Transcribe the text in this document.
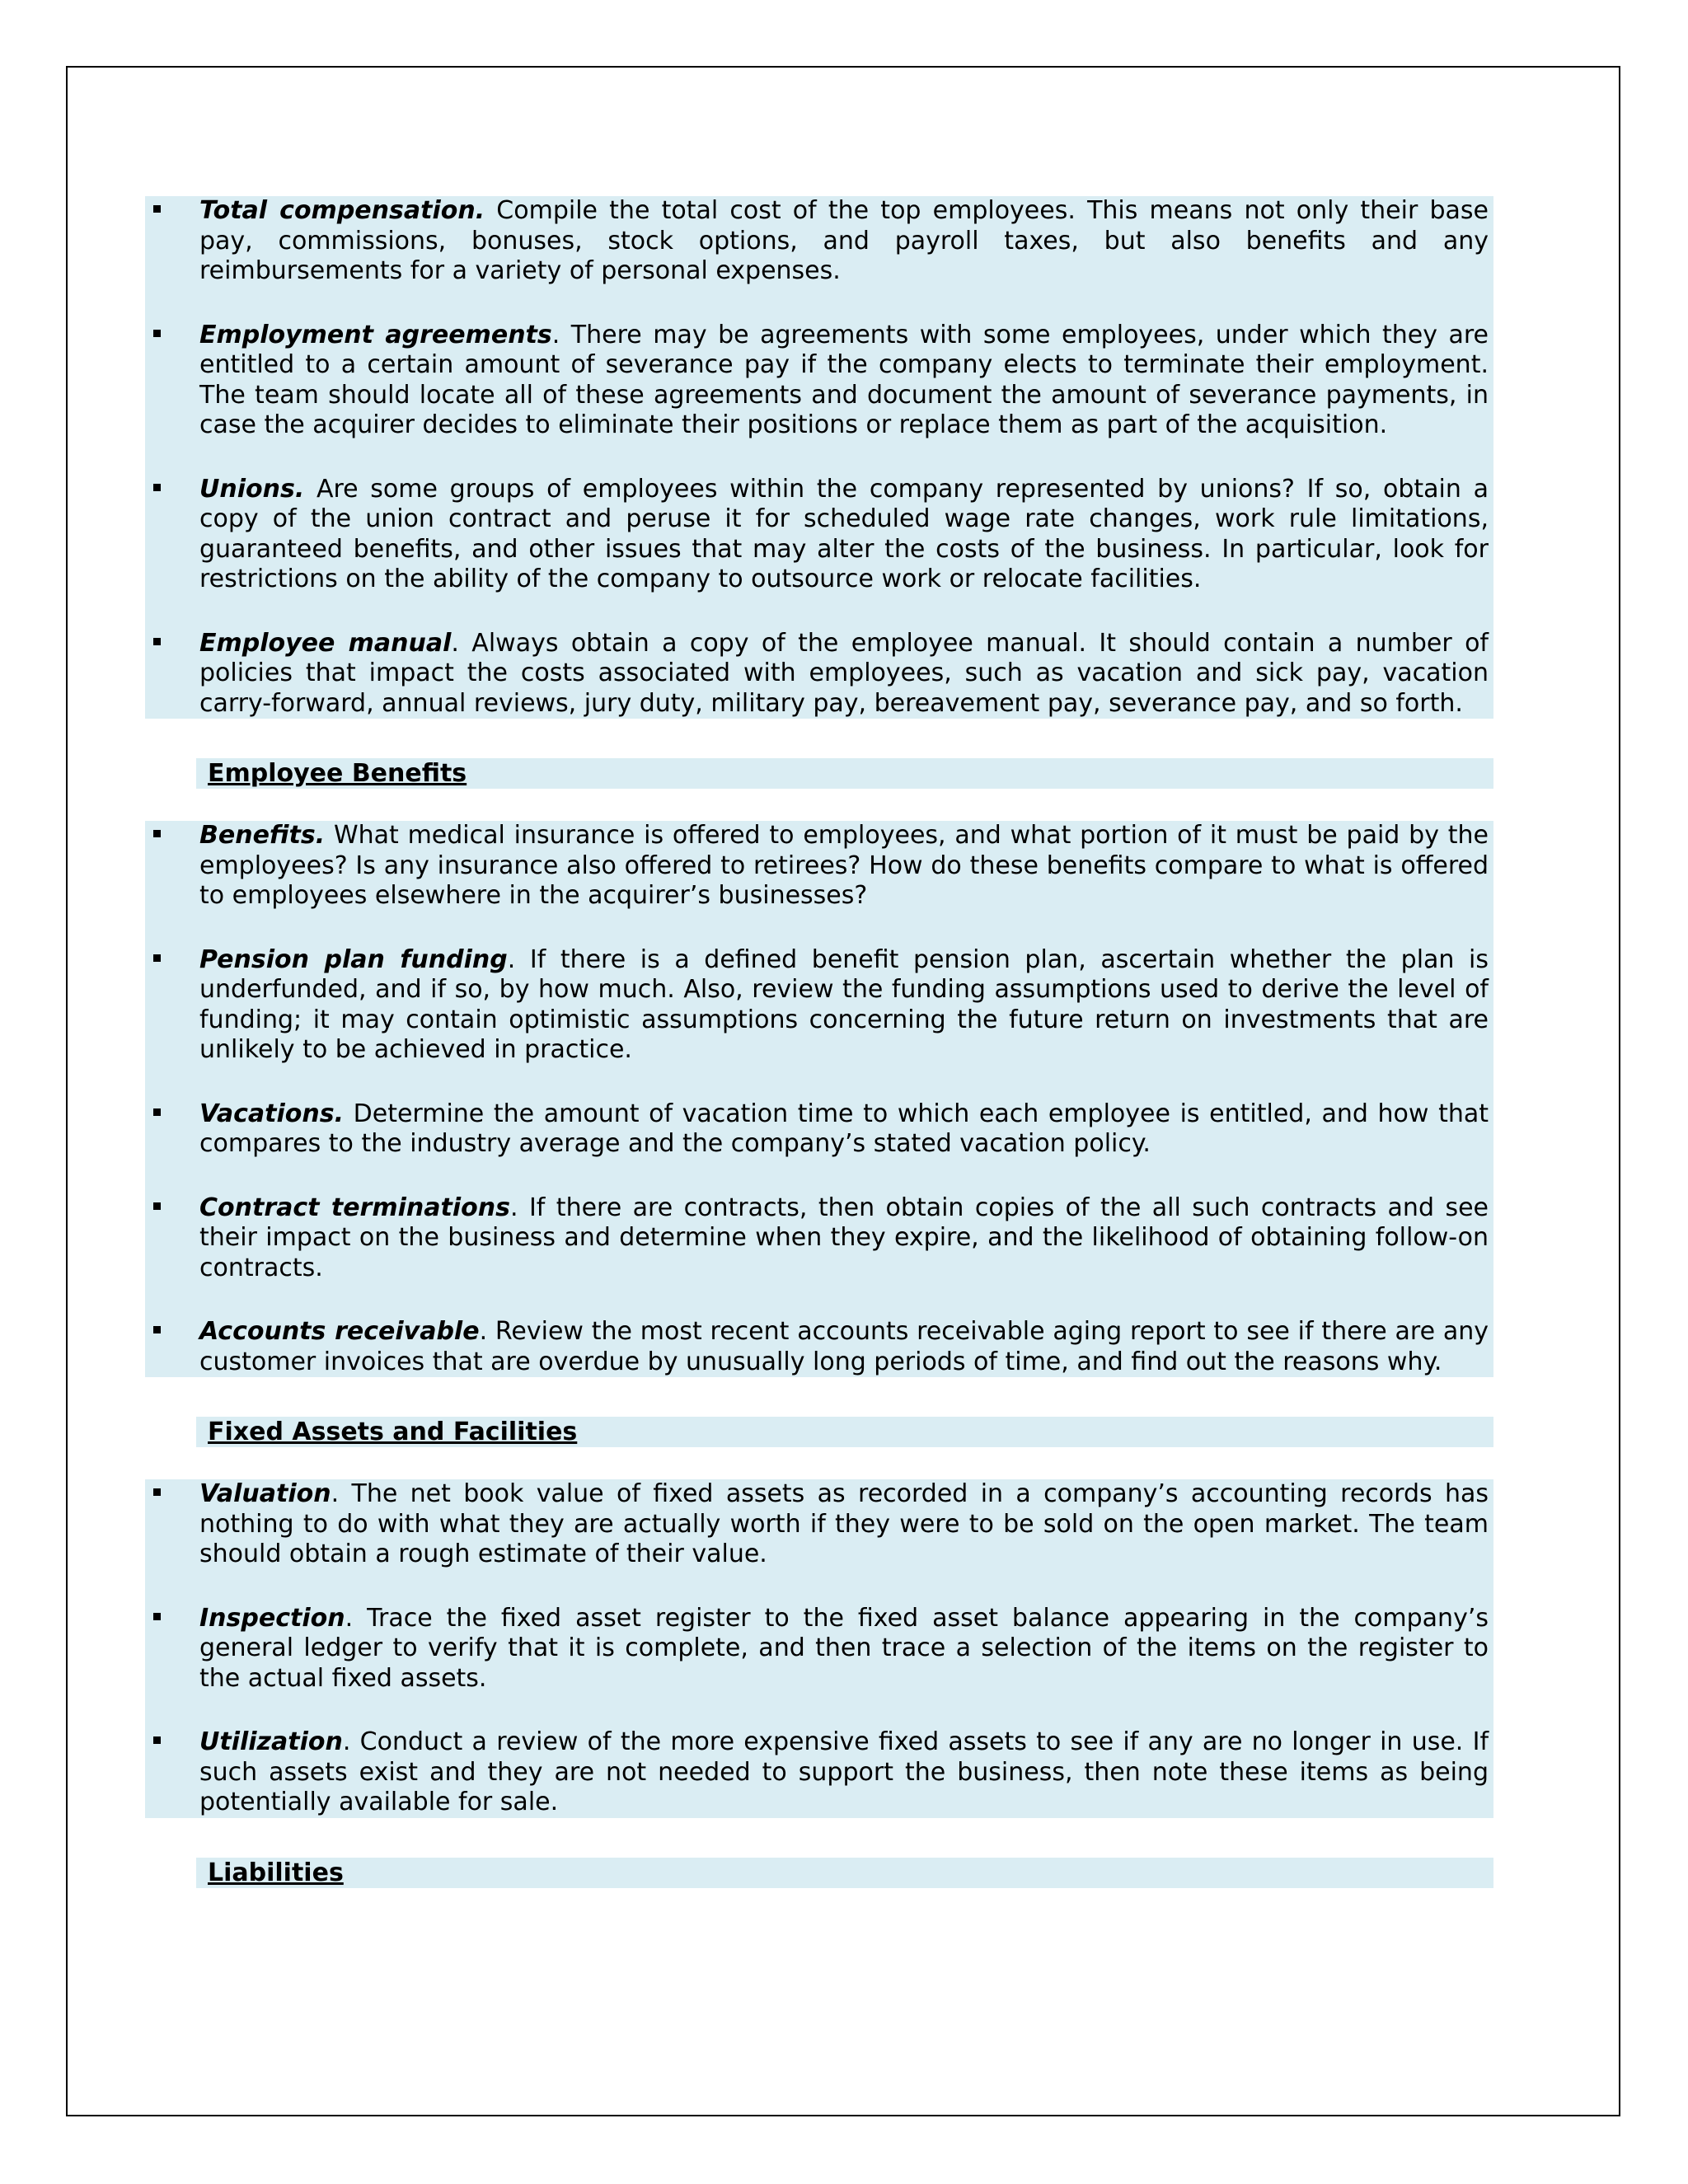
Total compensation. Compile the total cost of the top employees. This means not only their base pay, commissions, bonuses, stock options, and payroll taxes, but also benefits and any reimbursements for a variety of personal expenses.
Employment agreements. There may be agreements with some employees, under which they are entitled to a certain amount of severance pay if the company elects to terminate their employment. The team should locate all of these agreements and document the amount of severance payments, in case the acquirer decides to eliminate their positions or replace them as part of the acquisition.
Unions. Are some groups of employees within the company represented by unions? If so, obtain a copy of the union contract and peruse it for scheduled wage rate changes, work rule limitations, guaranteed benefits, and other issues that may alter the costs of the business. In particular, look for restrictions on the ability of the company to outsource work or relocate facilities.
Employee manual. Always obtain a copy of the employee manual. It should contain a number of policies that impact the costs associated with employees, such as vacation and sick pay, vacation carry-forward, annual reviews, jury duty, military pay, bereavement pay, severance pay, and so forth.
Employee Benefits
Benefits. What medical insurance is offered to employees, and what portion of it must be paid by the employees? Is any insurance also offered to retirees? How do these benefits compare to what is offered to employees elsewhere in the acquirer’s businesses?
Pension plan funding. If there is a defined benefit pension plan, ascertain whether the plan is underfunded, and if so, by how much. Also, review the funding assumptions used to derive the level of funding; it may contain optimistic assumptions concerning the future return on investments that are unlikely to be achieved in practice.
Vacations. Determine the amount of vacation time to which each employee is entitled, and how that compares to the industry average and the company’s stated vacation policy.
Contract terminations. If there are contracts, then obtain copies of the all such contracts and see their impact on the business and determine when they expire, and the likelihood of obtaining follow-on contracts.
Accounts receivable. Review the most recent accounts receivable aging report to see if there are any customer invoices that are overdue by unusually long periods of time, and find out the reasons why.
Fixed Assets and Facilities
Valuation. The net book value of fixed assets as recorded in a company’s accounting records has nothing to do with what they are actually worth if they were to be sold on the open market. The team should obtain a rough estimate of their value.
Inspection. Trace the fixed asset register to the fixed asset balance appearing in the company’s general ledger to verify that it is complete, and then trace a selection of the items on the register to the actual fixed assets.
Utilization. Conduct a review of the more expensive fixed assets to see if any are no longer in use. If such assets exist and they are not needed to support the business, then note these items as being potentially available for sale.
Liabilities
